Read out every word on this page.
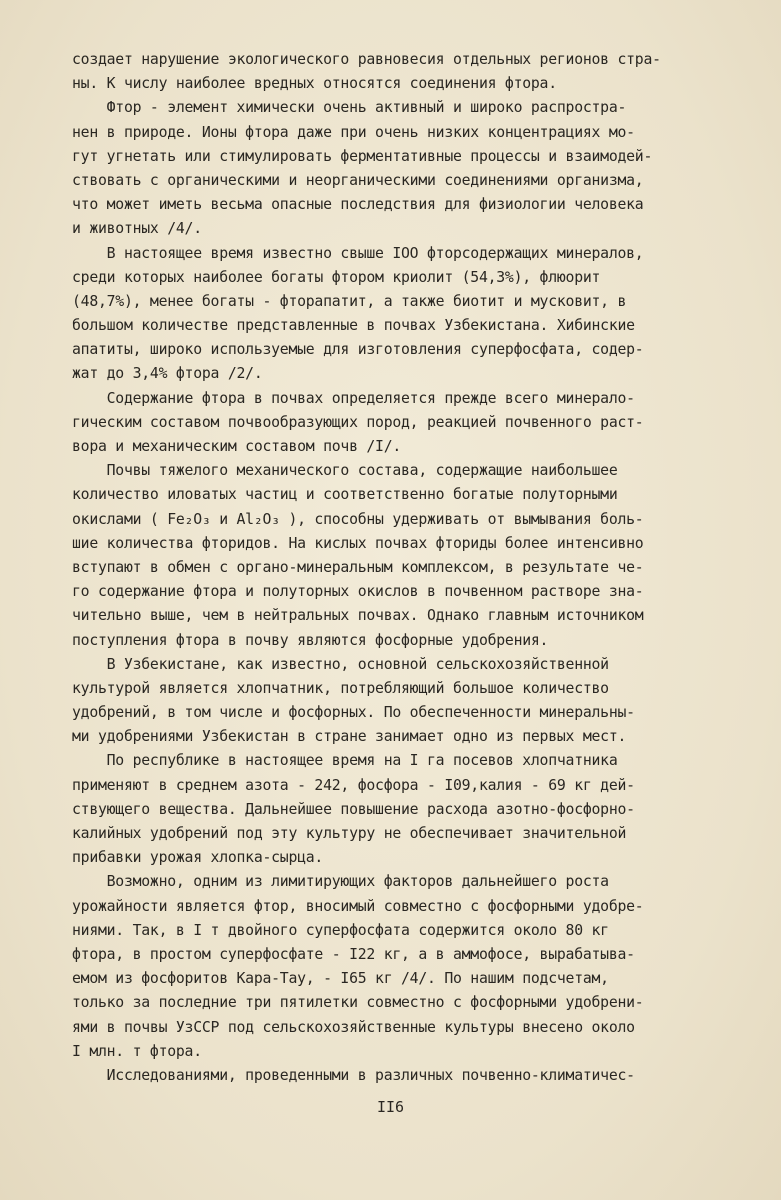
создает нарушение экологического равновесия отдельных регионов стра-
ны. К числу наиболее вредных относятся соединения фтора.
Фтор - элемент химически очень активный и широко распростра-
нен в природе. Ионы фтора даже при очень низких концентрациях мо-
гут угнетать или стимулировать ферментативные процессы и взаимодей-
ствовать с органическими и неорганическими соединениями организма,
что может иметь весьма опасные последствия для физиологии человека
и животных /4/.
В настоящее время известно свыше IOO фторсодержащих минералов,
среди которых наиболее богаты фтором криолит (54,3%), флюорит
(48,7%), менее богаты - фторапатит, а также биотит и мусковит, в
большом количестве представленные в почвах Узбекистана. Хибинские
апатиты, широко используемые для изготовления суперфосфата, содер-
жат до 3,4% фтора /2/.
Содержание фтора в почвах определяется прежде всего минерало-
гическим составом почвообразующих пород, реакцией почвенного раст-
вора и механическим составом почв /I/.
Почвы тяжелого механического состава, содержащие наибольшее
количество иловатых частиц и соответственно богатые полуторными
окислами ( Fe₂O₃ и Al₂O₃ ), способны удерживать от вымывания боль-
шие количества фторидов. На кислых почвах фториды более интенсивно
вступают в обмен с органо-минеральным комплексом, в результате че-
го содержание фтора и полуторных окислов в почвенном растворе зна-
чительно выше, чем в нейтральных почвах. Однако главным источником
поступления фтора в почву являются фосфорные удобрения.
В Узбекистане, как известно, основной сельскохозяйственной
культурой является хлопчатник, потребляющий большое количество
удобрений, в том числе и фосфорных. По обеспеченности минеральны-
ми удобрениями Узбекистан в стране занимает одно из первых мест.
По республике в настоящее время на I га посевов хлопчатника
применяют в среднем азота - 242, фосфора - I09,калия - 69 кг дей-
ствующего вещества. Дальнейшее повышение расхода азотно-фосфорно-
калийных удобрений под эту культуру не обеспечивает значительной
прибавки урожая хлопка-сырца.
Возможно, одним из лимитирующих факторов дальнейшего роста
урожайности является фтор, вносимый совместно с фосфорными удобре-
ниями. Так, в I т двойного суперфосфата содержится около 80 кг
фтора, в простом суперфосфате - I22 кг, а в аммофосе, вырабатыва-
емом из фосфоритов Кара-Тау, - I65 кг /4/. По нашим подсчетам,
только за последние три пятилетки совместно с фосфорными удобрени-
ями в почвы УзССР под сельскохозяйственные культуры внесено около
I млн. т фтора.
Исследованиями, проведенными в различных почвенно-климатичес-
II6
